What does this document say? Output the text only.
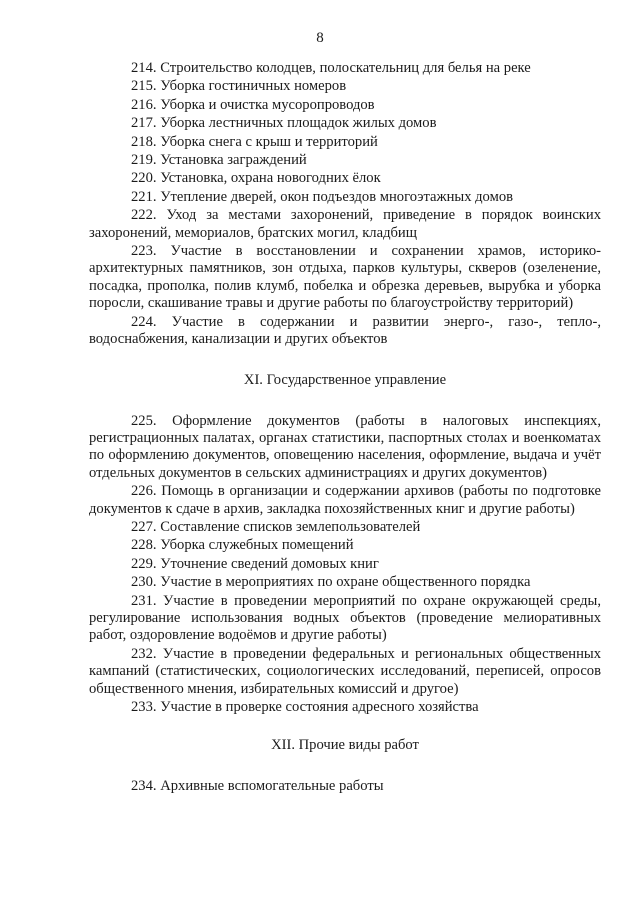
8

214. Строительство колодцев, полоскательниц для белья на реке

215. Уборка гостиничных номеров

216. Уборка и очистка мусоропроводов

217. Уборка лестничных площадок жилых домов

218. Уборка снега с крыш и территорий

219. Установка заграждений

220. Установка, охрана новогодних ёлок

221. Утепление дверей, окон подъездов многоэтажных домов

222. Уход за местами захоронений, приведение в порядок воинских захоронений, мемориалов, братских могил, кладбищ

223. Участие в восстановлении и сохранении храмов, историко-архитектурных памятников, зон отдыха, парков культуры, скверов (озеленение, посадка, прополка, полив клумб, побелка и обрезка деревьев, вырубка и уборка поросли, скашивание травы и другие работы по благоустройству территорий)

224. Участие в содержании и развитии энерго-, газо-, тепло-, водоснабжения, канализации и других объектов

XI. Государственное управление

225. Оформление документов (работы в налоговых инспекциях, регистрационных палатах, органах статистики, паспортных столах и военкоматах по оформлению документов, оповещению населения, оформление, выдача и учёт отдельных документов в сельских администрациях и других документов)

226. Помощь в организации и содержании архивов (работы по подготовке документов к сдаче в архив, закладка похозяйственных книг и другие работы)

227. Составление списков землепользователей

228. Уборка служебных помещений

229. Уточнение сведений домовых книг

230. Участие в мероприятиях по охране общественного порядка

231. Участие в проведении мероприятий по охране окружающей среды, регулирование использования водных объектов (проведение мелиоративных работ, оздоровление водоёмов и другие работы)

232. Участие в проведении федеральных и региональных общественных кампаний (статистических, социологических исследований, переписей, опросов общественного мнения, избирательных комиссий и другое)

233. Участие в проверке состояния адресного хозяйства

XII. Прочие виды работ

234. Архивные вспомогательные работы
